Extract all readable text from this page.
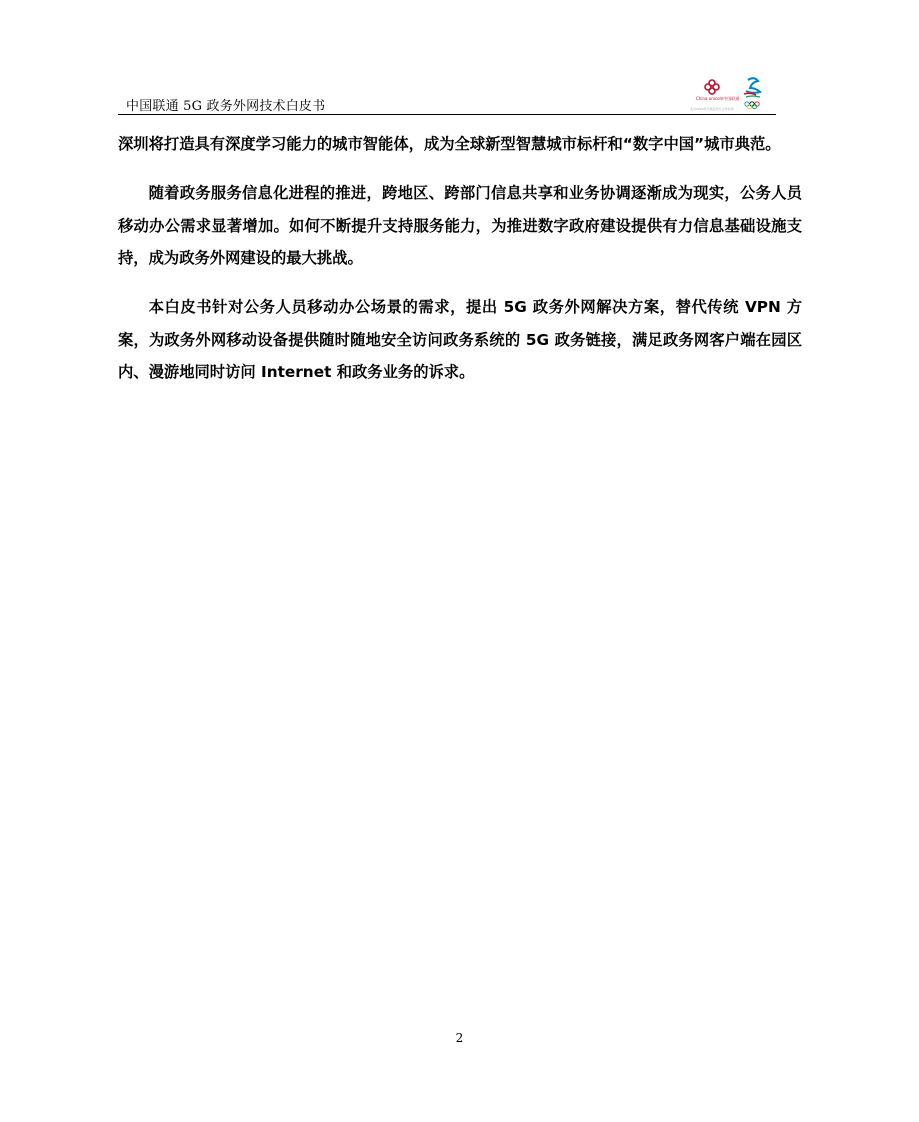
中国联通 5G 政务外网技术白皮书
China unicom中国联通
北京2022年冬奥会官方合作伙伴

深圳将打造具有深度学习能力的城市智能体，成为全球新型智慧城市标杆和“数字中国”城市典范。

随着政务服务信息化进程的推进，跨地区、跨部门信息共享和业务协调逐渐成为现实，公务人员移动办公需求显著增加。如何不断提升支持服务能力，为推进数字政府建设提供有力信息基础设施支持，成为政务外网建设的最大挑战。

本白皮书针对公务人员移动办公场景的需求，提出 5G 政务外网解决方案，替代传统 VPN 方案，为政务外网移动设备提供随时随地安全访问政务系统的 5G 政务链接，满足政务网客户端在园区内、漫游地同时访问 Internet 和政务业务的诉求。

2
